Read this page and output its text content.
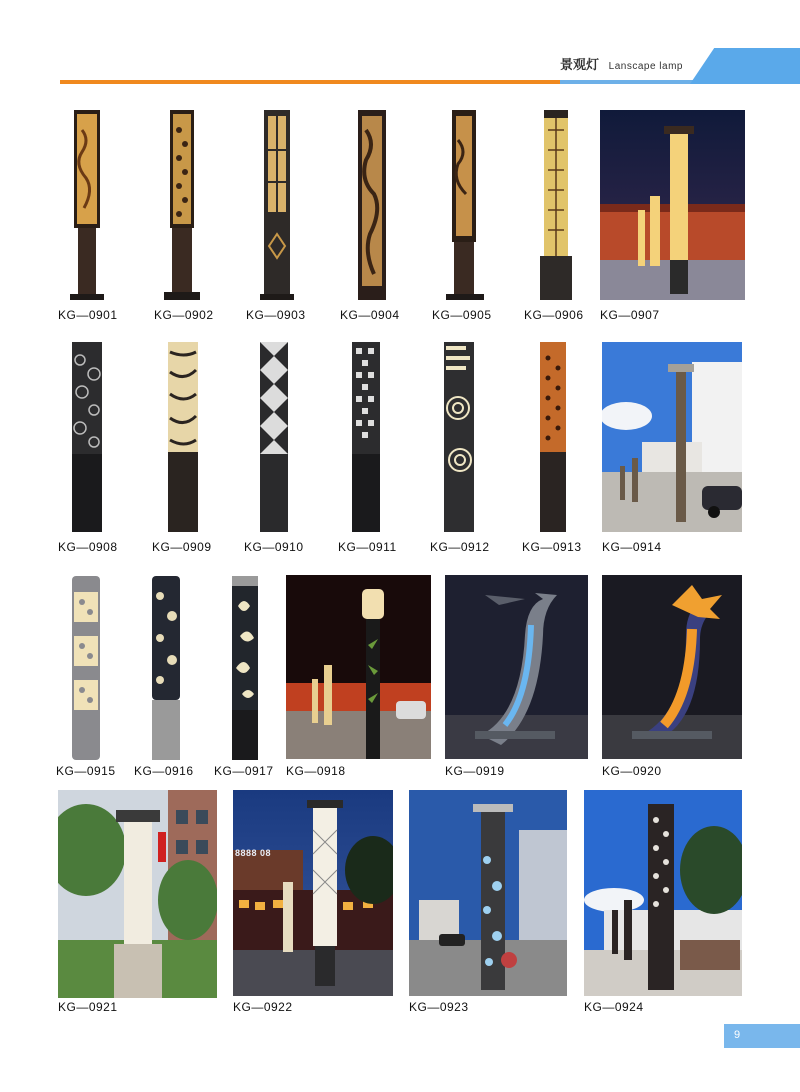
景观灯 Lanscape lamp
KG—0901	KG—0902	KG—0903	KG—0904	KG—0905	KG—0906 KG—0907
KG—0908	KG—0909	KG—0910	KG—0911	KG—0912	KG—0913 KG—0914
KG—0915 KG—0916 KG—0917 KG—0918	KG—0919	KG—0920
8888 08
KG—0921	KG—0922	KG—0923	KG—0924
9
